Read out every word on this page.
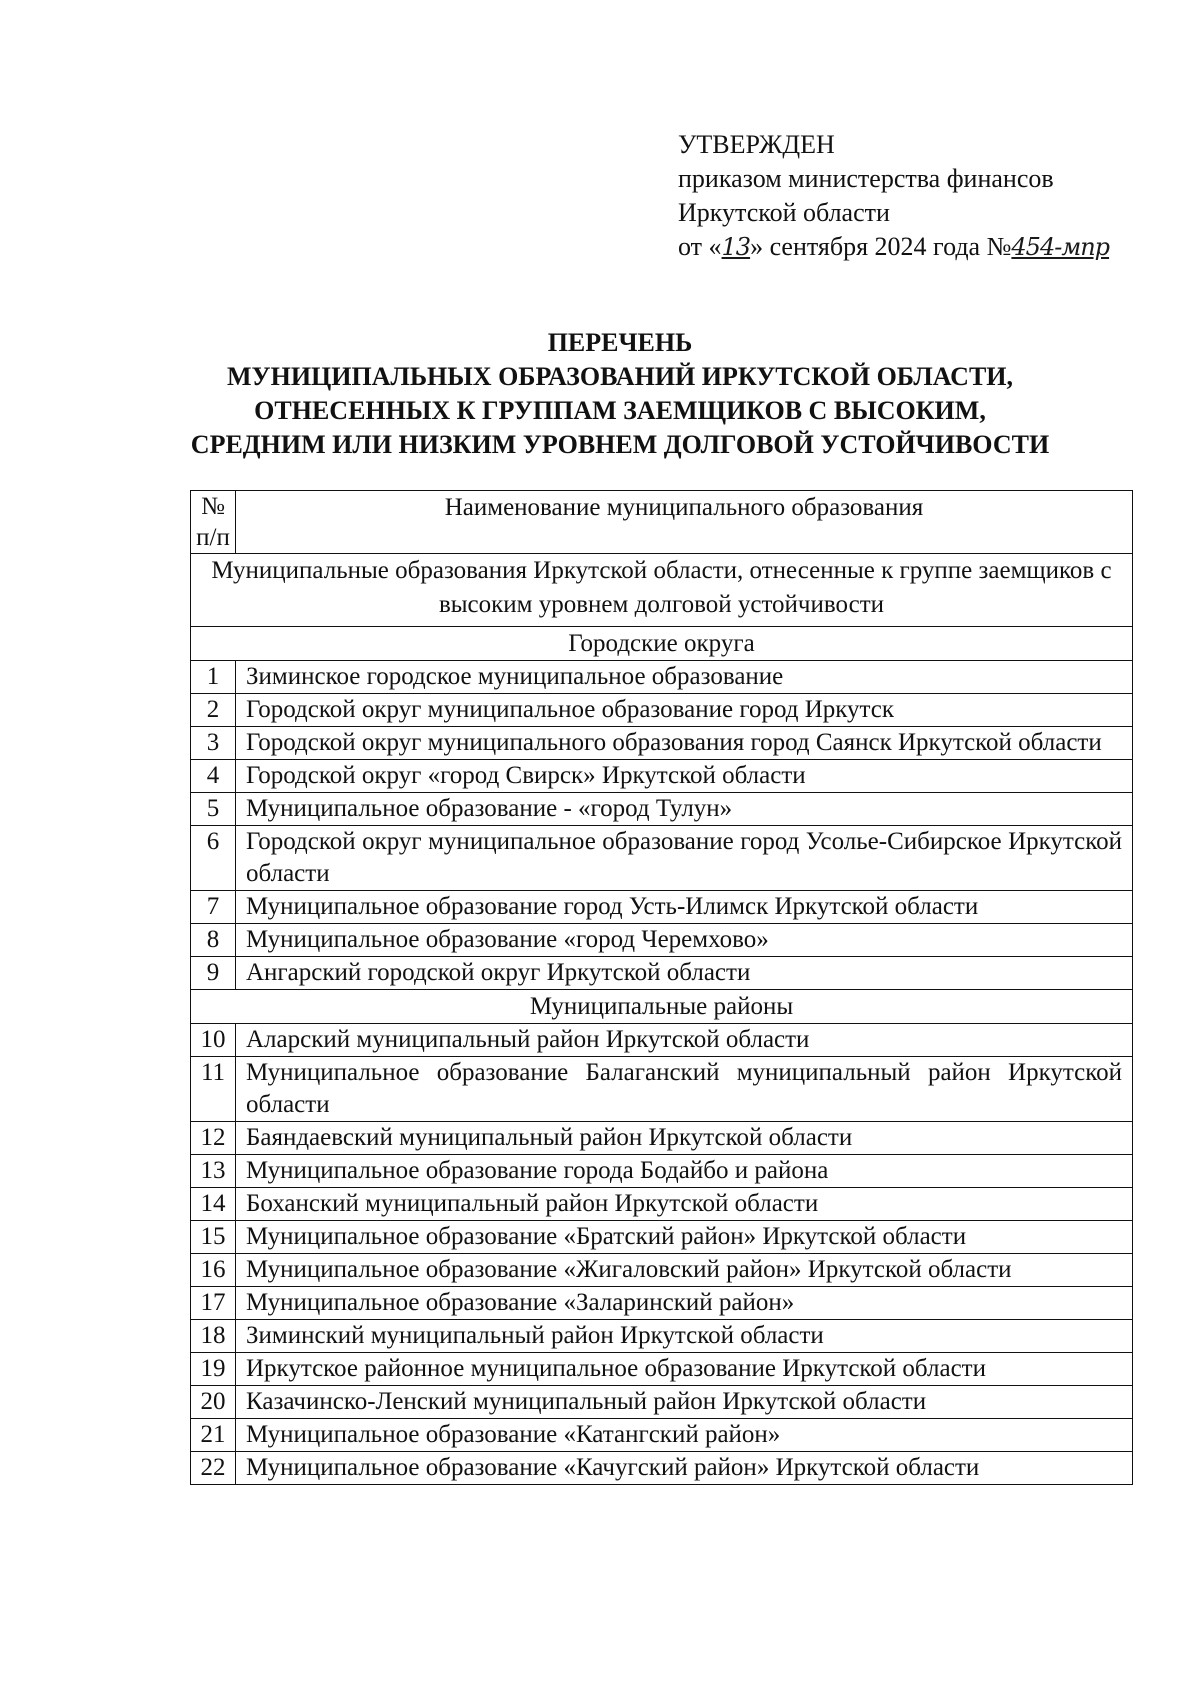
УТВЕРЖДЕН
приказом министерства финансов
Иркутской области
от «13» сентября 2024 года №454-мпр
ПЕРЕЧЕНЬ
МУНИЦИПАЛЬНЫХ ОБРАЗОВАНИЙ ИРКУТСКОЙ ОБЛАСТИ,
ОТНЕСЕННЫХ К ГРУППАМ ЗАЕМЩИКОВ С ВЫСОКИМ,
СРЕДНИМ ИЛИ НИЗКИМ УРОВНЕМ ДОЛГОВОЙ УСТОЙЧИВОСТИ
№ п/п	Наименование муниципального образования
Муниципальные образования Иркутской области, отнесенные к группе заемщиков с высоким уровнем долговой устойчивости	
Городские округа	
1	Зиминское городское муниципальное образование
2	Городской округ муниципальное образование город Иркутск
3	Городской округ муниципального образования город Саянск Иркутской области
4	Городской округ «город Свирск» Иркутской области
5	Муниципальное образование - «город Тулун»
6	Городской округ муниципальное образование город Усолье-Сибирское Иркутской области
7	Муниципальное образование город Усть-Илимск Иркутской области
8	Муниципальное образование «город Черемхово»
9	Ангарский городской округ Иркутской области
Муниципальные районы	
10	Аларский муниципальный район Иркутской области
11	Муниципальное образование Балаганский муниципальный район Иркутской области
12	Баяндаевский муниципальный район Иркутской области
13	Муниципальное образование города Бодайбо и района
14	Боханский муниципальный район Иркутской области
15	Муниципальное образование «Братский район» Иркутской области
16	Муниципальное образование «Жигаловский район» Иркутской области
17	Муниципальное образование «Заларинский район»
18	Зиминский муниципальный район Иркутской области
19	Иркутское районное муниципальное образование Иркутской области
20	Казачинско-Ленский муниципальный район Иркутской области
21	Муниципальное образование «Катангский район»
22	Муниципальное образование «Качугский район» Иркутской области
